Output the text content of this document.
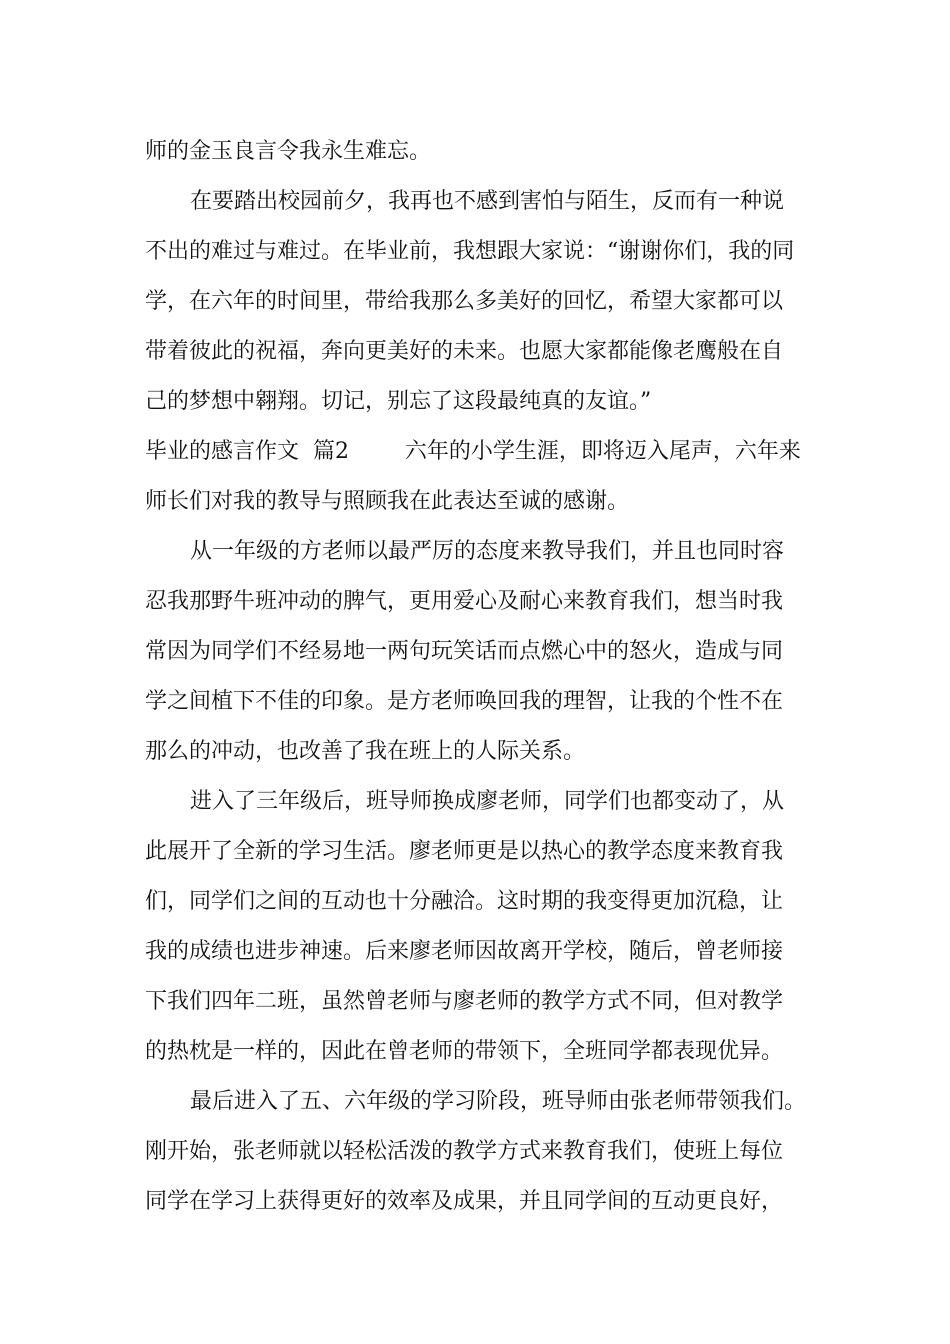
师的金玉良言令我永生难忘。
在要踏出校园前夕，我再也不感到害怕与陌生，反而有一种说
不出的难过与难过。在毕业前，我想跟大家说：“谢谢你们，我的同
学，在六年的时间里，带给我那么多美好的回忆，希望大家都可以
带着彼此的祝福，奔向更美好的未来。也愿大家都能像老鹰般在自
己的梦想中翱翔。切记，别忘了这段最纯真的友谊。”
毕业的感言作文  篇2        六年的小学生涯，即将迈入尾声，六年来
师长们对我的教导与照顾我在此表达至诚的感谢。
从一年级的方老师以最严厉的态度来教导我们，并且也同时容
忍我那野牛班冲动的脾气，更用爱心及耐心来教育我们，想当时我
常因为同学们不经易地一两句玩笑话而点燃心中的怒火，造成与同
学之间植下不佳的印象。是方老师唤回我的理智，让我的个性不在
那么的冲动，也改善了我在班上的人际关系。
进入了三年级后，班导师换成廖老师，同学们也都变动了，从
此展开了全新的学习生活。廖老师更是以热心的教学态度来教育我
们，同学们之间的互动也十分融洽。这时期的我变得更加沉稳，让
我的成绩也进步神速。后来廖老师因故离开学校，随后，曾老师接
下我们四年二班，虽然曾老师与廖老师的教学方式不同，但对教学
的热枕是一样的，因此在曾老师的带领下，全班同学都表现优异。
最后进入了五、六年级的学习阶段，班导师由张老师带领我们。
刚开始，张老师就以轻松活泼的教学方式来教育我们，使班上每位
同学在学习上获得更好的效率及成果，并且同学间的互动更良好，
